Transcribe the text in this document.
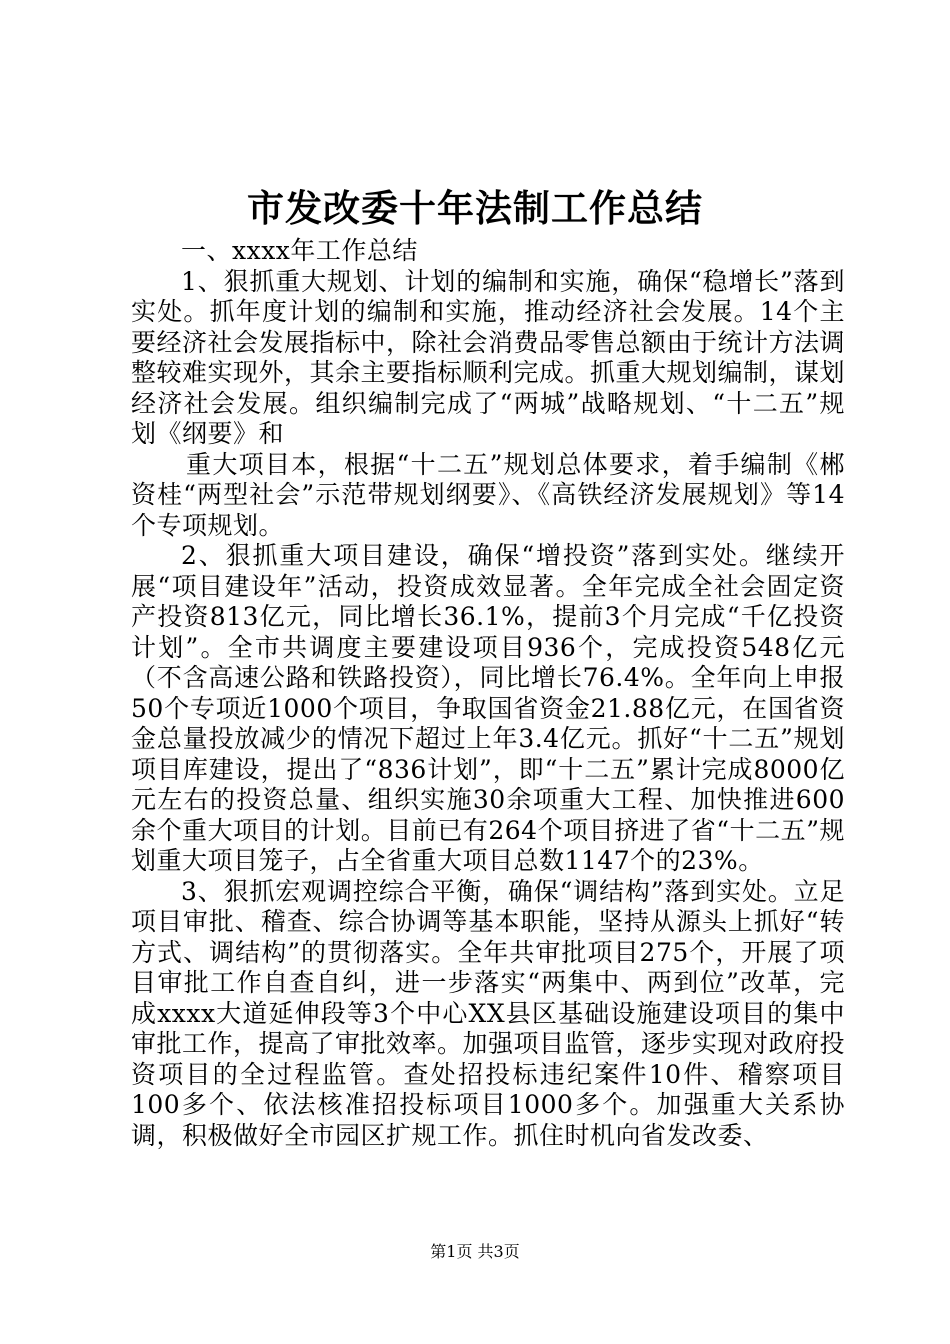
市发改委十年法制工作总结

一、xxxx年工作总结

1、狠抓重大规划、计划的编制和实施，确保“稳增长”落到实处。抓年度计划的编制和实施，推动经济社会发展。14个主要经济社会发展指标中，除社会消费品零售总额由于统计方法调整较难实现外，其余主要指标顺利完成。抓重大规划编制，谋划经济社会发展。组织编制完成了“两城”战略规划、“十二五”规划《纲要》和

重大项目本，根据“十二五”规划总体要求，着手编制《郴资桂“两型社会”示范带规划纲要》、《高铁经济发展规划》等14个专项规划。

2、狠抓重大项目建设，确保“增投资”落到实处。继续开展“项目建设年”活动，投资成效显著。全年完成全社会固定资产投资813亿元，同比增长36.1%，提前3个月完成“千亿投资计划”。全市共调度主要建设项目936个，完成投资548亿元（不含高速公路和铁路投资），同比增长76.4%。全年向上申报50个专项近1000个项目，争取国省资金21.88亿元，在国省资金总量投放减少的情况下超过上年3.4亿元。抓好“十二五”规划项目库建设，提出了“836计划”，即“十二五”累计完成8000亿元左右的投资总量、组织实施30余项重大工程、加快推进600余个重大项目的计划。目前已有264个项目挤进了省“十二五”规划重大项目笼子，占全省重大项目总数1147个的23%。

3、狠抓宏观调控综合平衡，确保“调结构”落到实处。立足项目审批、稽查、综合协调等基本职能，坚持从源头上抓好“转方式、调结构”的贯彻落实。全年共审批项目275个，开展了项目审批工作自查自纠，进一步落实“两集中、两到位”改革，完成xxxx大道延伸段等3个中心XX县区基础设施建设项目的集中审批工作，提高了审批效率。加强项目监管，逐步实现对政府投资项目的全过程监管。查处招投标违纪案件10件、稽察项目100多个、依法核准招投标项目1000多个。加强重大关系协调，积极做好全市园区扩规工作。抓住时机向省发改委、

第1页 共3页
